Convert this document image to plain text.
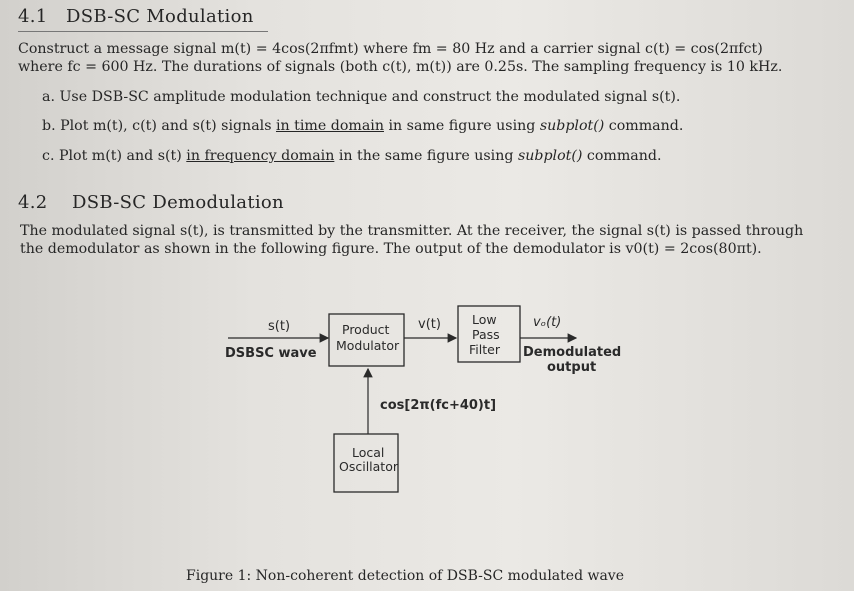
4.1 DSB-SC Modulation
Construct a message signal m(t) = 4cos(2πfmt) where fm = 80 Hz and a carrier signal c(t) = cos(2πfct)
where fc = 600 Hz. The durations of signals (both c(t), m(t)) are 0.25s. The sampling frequency is 10 kHz.
a. Use DSB-SC amplitude modulation technique and construct the modulated signal s(t).
b. Plot m(t), c(t) and s(t) signals in time domain in same figure using subplot() command.
c. Plot m(t) and s(t) in frequency domain in the same figure using subplot() command.
4.2 DSB-SC Demodulation
The modulated signal s(t), is transmitted by the transmitter. At the receiver, the signal s(t) is passed through
the demodulator as shown in the following figure. The output of the demodulator is v0(t) = 2cos(80πt).
s(t)
DSBSC wave
Product
Modulator
v(t) Low
Pass
Filter
vₒ(t)
Demodulated
output
cos[2π(fc+40)t]
Local
Oscillator
Figure 1: Non-coherent detection of DSB-SC modulated wave
